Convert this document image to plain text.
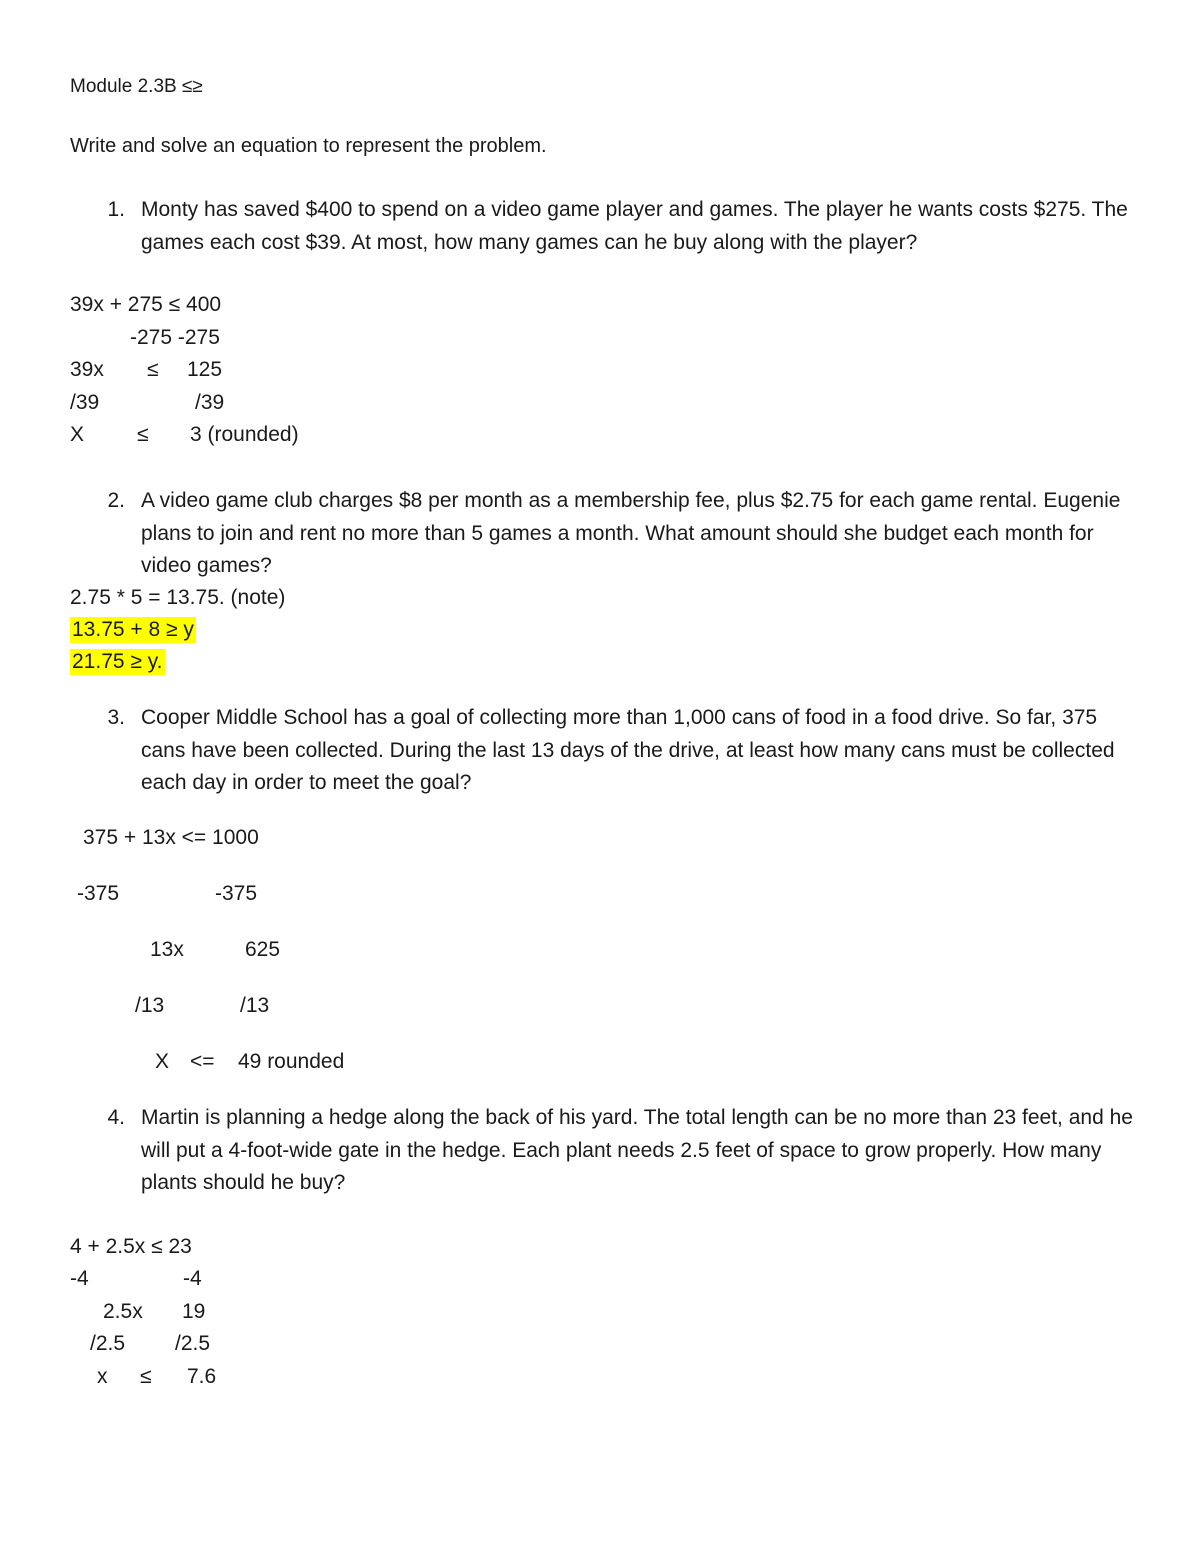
Module 2.3B ≤≥
Write and solve an equation to represent the problem.
1. Monty has saved $400 to spend on a video game player and games. The player he wants costs $275. The games each cost $39. At most, how many games can he buy along with the player?
39x + 275 ≤ 400
-275 -275
39x ≤ 125
/39	/39
X	≤ 3 (rounded)
2. A video game club charges $8 per month as a membership fee, plus $2.75 for each game rental. Eugenie plans to join and rent no more than 5 games a month. What amount should she budget each month for video games?
2.75 * 5 = 13.75. (note)
13.75 + 8 ≥ y
21.75 ≥ y.
3. Cooper Middle School has a goal of collecting more than 1,000 cans of food in a food drive. So far, 375 cans have been collected. During the last 13 days of the drive, at least how many cans must be collected each day in order to meet the goal?
375 + 13x <= 1000
-375	-375
13x	625
/13	/13
X <= 49 rounded
4. Martin is planning a hedge along the back of his yard. The total length can be no more than 23 feet, and he will put a 4-foot-wide gate in the hedge. Each plant needs 2.5 feet of space to grow properly. How many plants should he buy?
4 + 2.5x ≤ 23
-4	-4
2.5x 19
/2.5 /2.5
x ≤ 7.6
